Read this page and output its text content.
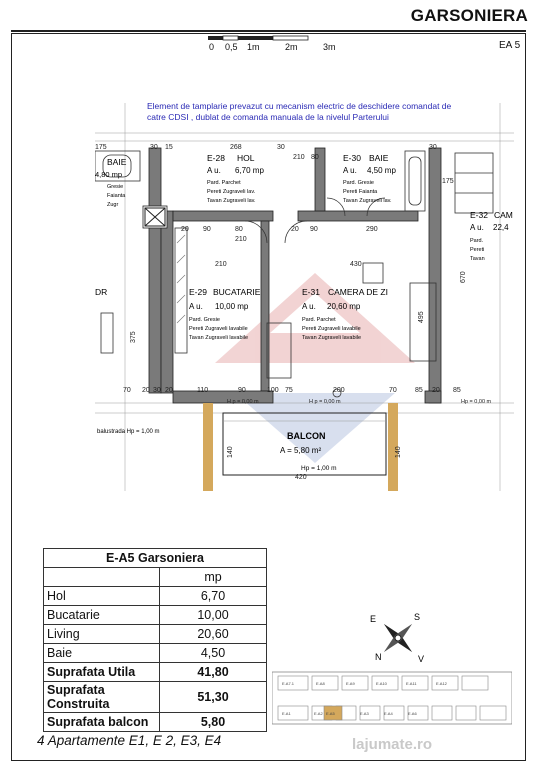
GARSONIERA
EA 5
0 0,5 1m	2m	3m
Element de tamplarie prevazut cu mecanism electric de deschidere comandat de
catre CDSI , dublat de comanda manuala de la nivelul Parterului
BALCON
A = 5,80 m²
Hp = 1,00 m
balustrada Hp = 1,00 m
E-28 HOL
A u. 6,70 mp
Pard. Parchet
Pereti Zugraveli lav.
Tavan Zugraveli lav.
E-30 BAIE
A u. 4,50 mp
Pard. Gresie
Pereti Faianta
Tavan Zugraveli lav.
E-29 BUCATARIE
A u. 10,00 mp
Pard. Gresie
Pereti Zugraveli lavabile
Tavan Zugraveli lavabile
E-31 CAMERA DE ZI
A u. 20,60 mp
Pard. Parchet
Pereti Zugraveli lavabile
Tavan Zugraveli lavabile
E-32 CAM
A u. 22,4
Pard.
Pereti
Tavan
BAIE
4,80 mp
Gresie
Faianta
Zugr
DR
175	30 15	268	30
210 80
30
175
20 90	80	20 90	290
210
210	430
70 20 30 20	110	90	100 75	200	70	20
85	85
375
670
495
140	140
420
H p = 0,00 m	H p = 0,00 m	Hp = 0,00 m
E-A5 Garsoniera	
	mp
Hol	6,70
Bucatarie	10,00
Living	20,60
Baie	4,50
Suprafata Utila	41,80
Suprafata Construita	51,30
Suprafata balcon	5,80
N
S
E
V
E.A7.1	E.A8	E.A9	E.A10
E.A1	E.A2	E.A3	E.A4
E.A5	E.A6
E.A11	E.A12
4 Apartamente E1, E 2, E3, E4	lajumate.ro
